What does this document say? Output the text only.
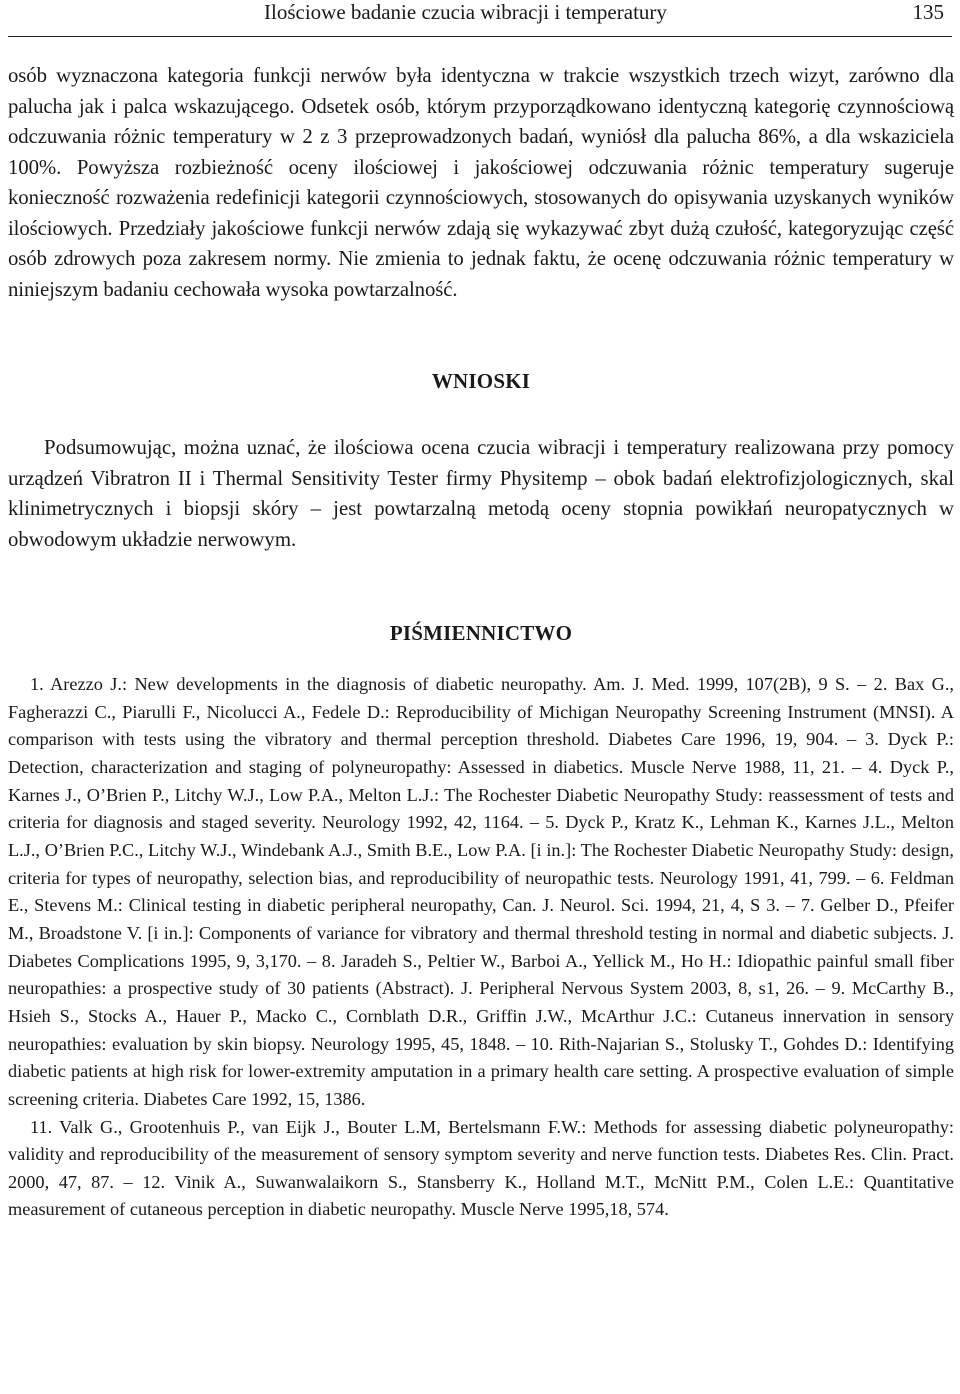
Ilościowe badanie czucia wibracji i temperatury	135

osób wyznaczona kategoria funkcji nerwów była identyczna w trakcie wszystkich trzech wizyt, zarówno dla palucha jak i palca wskazującego. Odsetek osób, którym przyporządkowano identyczną kategorię czynnościową odczuwania różnic temperatury w 2 z 3 przeprowadzonych badań, wyniósł dla palucha 86%, a dla wskaziciela 100%. Powyższa rozbieżność oceny ilościowej i jakościowej odczuwania różnic temperatury sugeruje konieczność rozważenia redefinicji kategorii czynnościowych, stosowanych do opisywania uzyskanych wyników ilościowych. Przedziały jakościowe funkcji nerwów zdają się wykazywać zbyt dużą czułość, kategoryzując część osób zdrowych poza zakresem normy. Nie zmienia to jednak faktu, że ocenę odczuwania różnic temperatury w niniejszym badaniu cechowała wysoka powtarzalność.

WNIOSKI

Podsumowując, można uznać, że ilościowa ocena czucia wibracji i temperatury realizowana przy pomocy urządzeń Vibratron II i Thermal Sensitivity Tester firmy Physitemp – obok badań elektrofizjologicznych, skal klinimetrycznych i biopsji skóry – jest powtarzalną metodą oceny stopnia powikłań neuropatycznych w obwodowym układzie nerwowym.

PIŚMIENNICTWO
1. Arezzo J.: New developments in the diagnosis of diabetic neuropathy. Am. J. Med. 1999, 107(2B), 9 S. – 2. Bax G., Fagherazzi C., Piarulli F., Nicolucci A., Fedele D.: Reproducibility of Michigan Neuropathy Screening Instrument (MNSI). A comparison with tests using the vibratory and thermal perception threshold. Diabetes Care 1996, 19, 904. – 3. Dyck P.: Detection, characterization and staging of polyneuropathy: Assessed in diabetics. Muscle Nerve 1988, 11, 21. – 4. Dyck P., Karnes J., O’Brien P., Litchy W.J., Low P.A., Melton L.J.: The Rochester Diabetic Neuropathy Study: reassessment of tests and criteria for diagnosis and staged severity. Neurology 1992, 42, 1164. – 5. Dyck P., Kratz K., Lehman K., Karnes J.L., Melton L.J., O’Brien P.C., Litchy W.J., Windebank A.J., Smith B.E., Low P.A. [i in.]: The Rochester Diabetic Neuropathy Study: design, criteria for types of neuropathy, selection bias, and reproducibility of neuropathic tests. Neurology 1991, 41, 799. – 6. Feldman E., Stevens M.: Clinical testing in diabetic peripheral neuropathy, Can. J. Neurol. Sci. 1994, 21, 4, S 3. – 7. Gelber D., Pfeifer M., Broadstone V. [i in.]: Components of variance for vibratory and thermal threshold testing in normal and diabetic subjects. J. Diabetes Complications 1995, 9, 3,170. – 8. Jaradeh S., Peltier W., Barboi A., Yellick M., Ho H.: Idiopathic painful small fiber neuropathies: a prospective study of 30 patients (Abstract). J. Peripheral Nervous System 2003, 8, s1, 26. – 9. McCarthy B., Hsieh S., Stocks A., Hauer P., Macko C., Cornblath D.R., Griffin J.W., McArthur J.C.: Cutaneus innervation in sensory neuropathies: evaluation by skin biopsy. Neurology 1995, 45, 1848. – 10. Rith-Najarian S., Stolusky T., Gohdes D.: Identifying diabetic patients at high risk for lower-extremity amputation in a primary health care setting. A prospective evaluation of simple screening criteria. Diabetes Care 1992, 15, 1386.
11. Valk G., Grootenhuis P., van Eijk J., Bouter L.M, Bertelsmann F.W.: Methods for assessing diabetic polyneuropathy: validity and reproducibility of the measurement of sensory symptom severity and nerve function tests. Diabetes Res. Clin. Pract. 2000, 47, 87. – 12. Vinik A., Suwanwalaikorn S., Stansberry K., Holland M.T., McNitt P.M., Colen L.E.: Quantitative measurement of cutaneous perception in diabetic neuropathy. Muscle Nerve 1995,18, 574.
